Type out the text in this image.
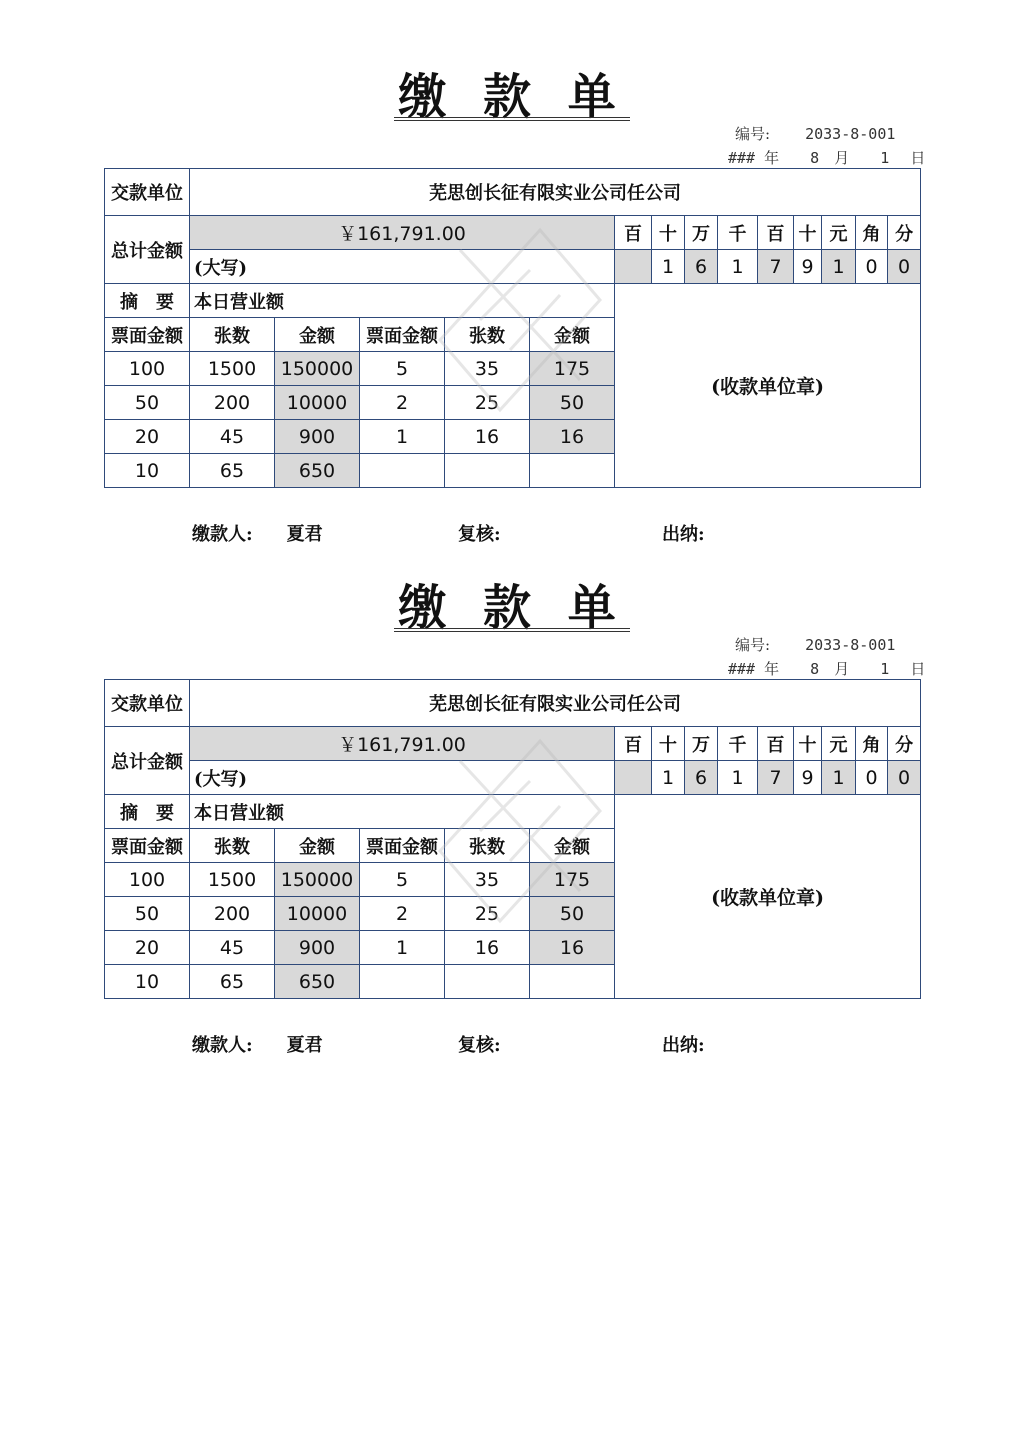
缴 款 单
编号: 2033-8-001
### 年 8 月 1 日
交款单位	芜思创长征有限实业公司任公司													
总计金额	￥161,791.00					百	十	万	千	百	十	元	角	分
	(大写)						1	6	1	7	9	1	0	0
摘　要	本日营业额					(收款单位章)								
票面金额	张数	金额	票面金额	张数	金额									
100	1500	150000	5	35	175									
50	200	10000	2	25	50									
20	45	900	1	16	16									
10	65	650												
缴款人: 夏君	复核:	出纳:
缴 款 单
编号: 2033-8-001
### 年 8 月 1 日
交款单位	芜思创长征有限实业公司任公司													
总计金额	￥161,791.00					百	十	万	千	百	十	元	角	分
	(大写)						1	6	1	7	9	1	0	0
摘　要	本日营业额					(收款单位章)								
票面金额	张数	金额	票面金额	张数	金额									
100	1500	150000	5	35	175									
50	200	10000	2	25	50									
20	45	900	1	16	16									
10	65	650												
缴款人: 夏君	复核:	出纳:
